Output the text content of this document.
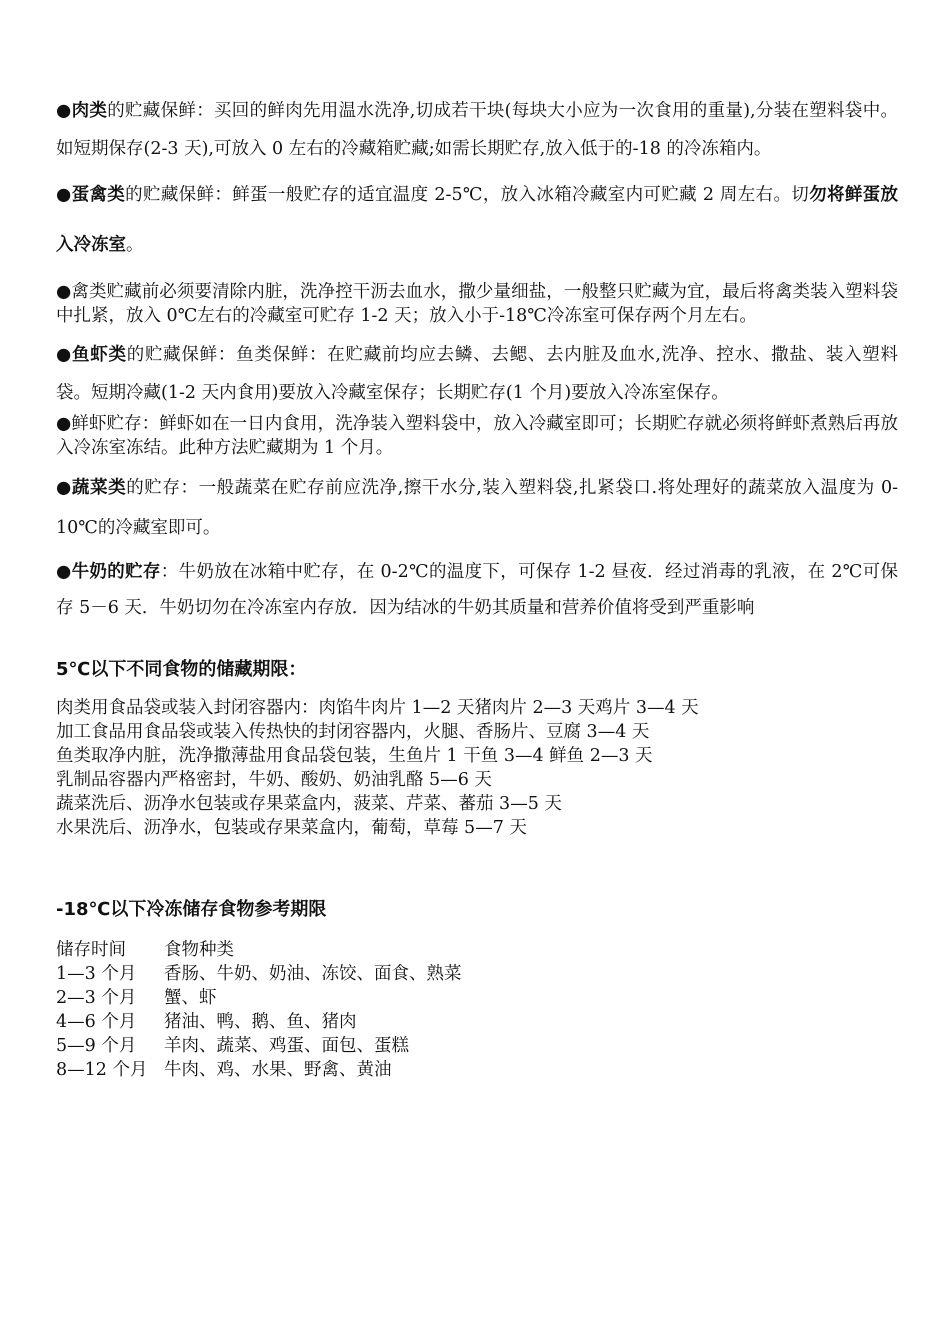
●肉类的贮藏保鲜：买回的鲜肉先用温水洗净,切成若干块(每块大小应为一次食用的重量),分装在塑料袋中。如短期保存(2-3 天),可放入 0 左右的冷藏箱贮藏;如需长期贮存,放入低于的-18 的冷冻箱内。

●蛋禽类的贮藏保鲜：鲜蛋一般贮存的适宜温度 2-5℃，放入冰箱冷藏室内可贮藏 2 周左右。切勿将鲜蛋放入冷冻室。

●禽类贮藏前必须要清除内脏，洗净控干沥去血水，撒少量细盐，一般整只贮藏为宜，最后将禽类装入塑料袋中扎紧，放入 0℃左右的冷藏室可贮存 1-2 天；放入小于-18℃冷冻室可保存两个月左右。

●鱼虾类的贮藏保鲜：鱼类保鲜：在贮藏前均应去鳞、去鳃、去内脏及血水,洗净、控水、撒盐、装入塑料袋。短期冷藏(1-2 天内食用)要放入冷藏室保存；长期贮存(1 个月)要放入冷冻室保存。

●鲜虾贮存：鲜虾如在一日内食用，洗净装入塑料袋中，放入冷藏室即可；长期贮存就必须将鲜虾煮熟后再放入冷冻室冻结。此种方法贮藏期为 1 个月。

●蔬菜类的贮存：一般蔬菜在贮存前应洗净,擦干水分,装入塑料袋,扎紧袋口.将处理好的蔬菜放入温度为 0-10℃的冷藏室即可。

●牛奶的贮存：牛奶放在冰箱中贮存，在 0-2℃的温度下，可保存 1-2 昼夜．经过消毒的乳液，在 2℃可保存 5－6 天．牛奶切勿在冷冻室内存放．因为结冰的牛奶其质量和营养价值将受到严重影响

5℃以下不同食物的储藏期限：
肉类用食品袋或装入封闭容器内：肉馅牛肉片 1—2 天猪肉片 2—3 天鸡片 3—4 天
加工食品用食品袋或装入传热快的封闭容器内，火腿、香肠片、豆腐 3—4 天
鱼类取净内脏，洗净撒薄盐用食品袋包装，生鱼片 1 干鱼 3—4 鲜鱼 2—3 天
乳制品容器内严格密封，牛奶、酸奶、奶油乳酪 5—6 天
蔬菜洗后、沥净水包装或存果菜盒内，菠菜、芹菜、蕃茄 3—5 天
水果洗后、沥净水，包装或存果菜盒内，葡萄，草莓 5—7 天
-18℃以下冷冻储存食物参考期限
储存时间 食物种类
1—3 个月 香肠、牛奶、奶油、冻饺、面食、熟菜
2—3 个月 蟹、虾
4—6 个月 猪油、鸭、鹅、鱼、猪肉
5—9 个月 羊肉、蔬菜、鸡蛋、面包、蛋糕
8—12 个月 牛肉、鸡、水果、野禽、黄油
